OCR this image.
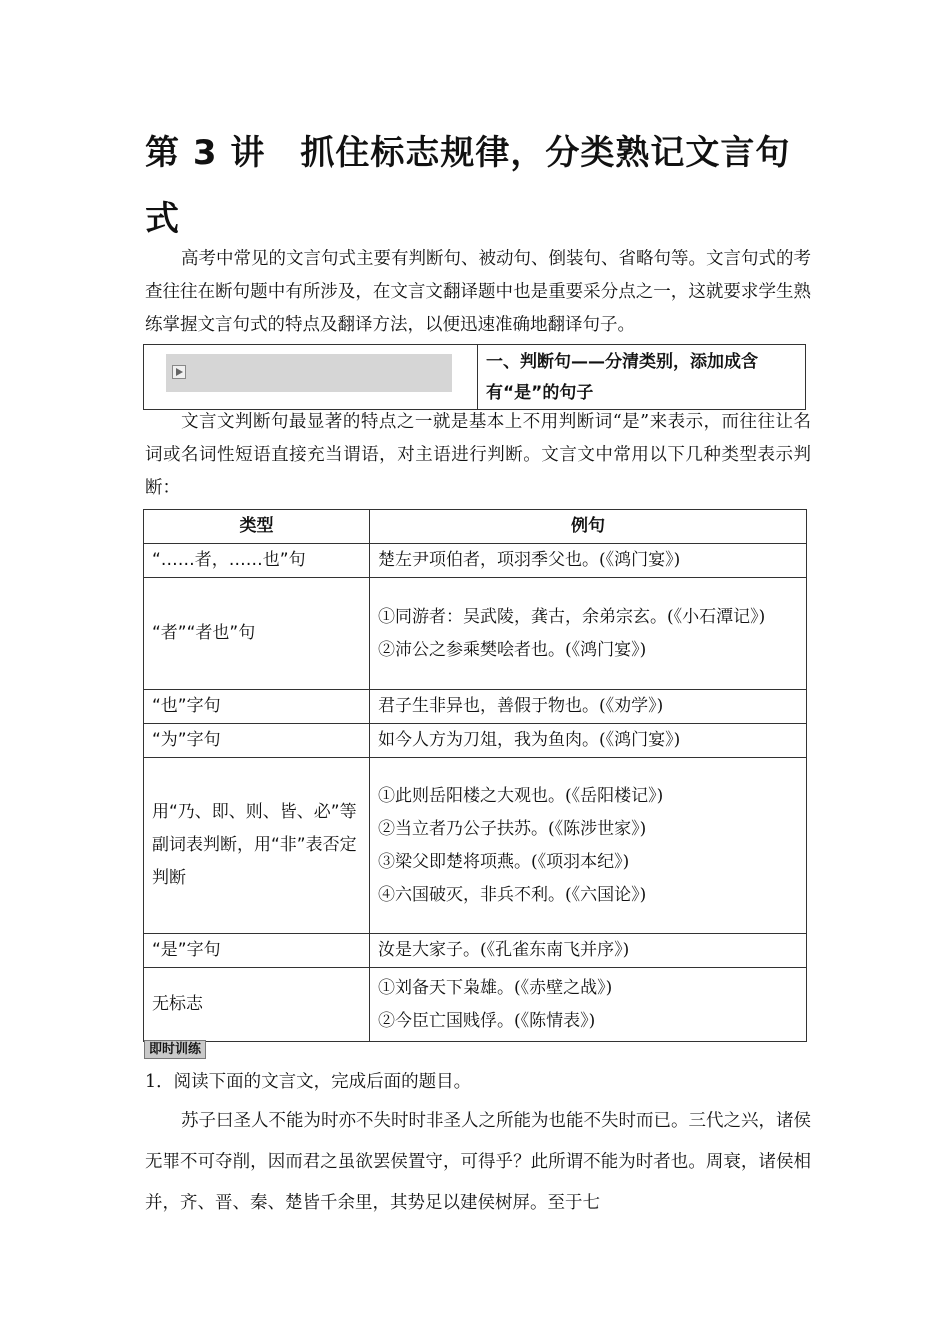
第 3 讲　抓住标志规律，分类熟记文言句式

高考中常见的文言句式主要有判断句、被动句、倒装句、省略句等。文言句式的考查往往在断句题中有所涉及，在文言文翻译题中也是重要采分点之一，这就要求学生熟练掌握文言句式的特点及翻译方法，以便迅速准确地翻译句子。

一、判断句——分清类别，添加成含有“是”的句子

文言文判断句最显著的特点之一就是基本上不用判断词“是”来表示，而往往让名词或名词性短语直接充当谓语，对主语进行判断。文言文中常用以下几种类型表示判断：

类型	例句
“……者，……也”句	楚左尹项伯者，项羽季父也。(《鸿门宴》)

“者”“者也”句	①同游者：吴武陵，龚古，余弟宗玄。(《小石潭记》)
②沛公之参乘樊哙者也。(《鸿门宴》)

“也”字句	君子生非异也，善假于物也。(《劝学》)

“为”字句	如今人方为刀俎，我为鱼肉。(《鸿门宴》)

用“乃、即、则、皆、必”等副词表判断，用“非”表否定判断	①此则岳阳楼之大观也。(《岳阳楼记》)
②当立者乃公子扶苏。(《陈涉世家》)
③梁父即楚将项燕。(《项羽本纪》)
④六国破灭，非兵不利。(《六国论》)

“是”字句	汝是大家子。(《孔雀东南飞并序》)

无标志	①刘备天下枭雄。(《赤壁之战》)
②今臣亡国贱俘。(《陈情表》)
即时训练

1．阅读下面的文言文，完成后面的题目。

苏子曰圣人不能为时亦不失时时非圣人之所能为也能不失时而已。三代之兴，诸侯无罪不可夺削，因而君之虽欲罢侯置守，可得乎？此所谓不能为时者也。周衰，诸侯相并，齐、晋、秦、楚皆千余里，其势足以建侯树屏。至于七
